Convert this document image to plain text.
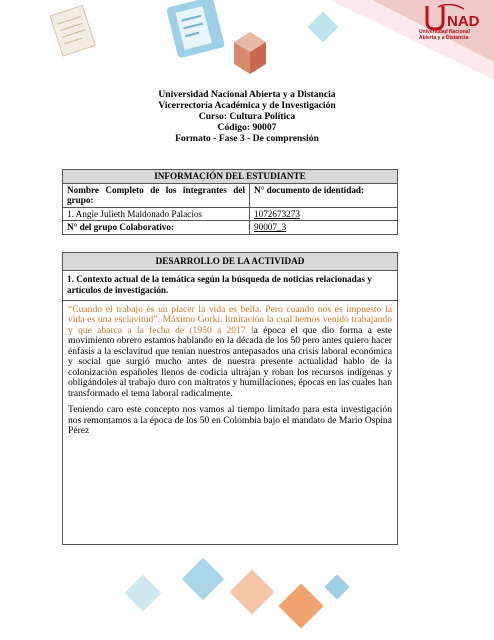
NAD
Universidad Nacional
Abierta y a Distancia
Universidad Nacional Abierta y a Distancia
Vicerrectoría Académica y de Investigación
Curso: Cultura Política
Código: 90007
Formato - Fase 3 - De comprensión
INFORMACIÓN DEL ESTUDIANTE	
Nombre Completo de los integrantes del grupo:	N° documento de identidad:
1. Angie Julieth Maldonado Palacios	1072673273
N° del grupo Colaborativo:	90007_3
DESARROLLO DE LA ACTIVIDAD
1. Contexto actual de la temática según la búsqueda de noticias relacionadas y artículos de investigación.

“Cuando el trabajo es un placer la vida es bella. Pero cuando nos es impuesto la vida es una esclavitud”. Máximo Gorki. limitación la cual hemos venido trabajando y que abarca a la fecha de (1950 a 2017 la época el que dio forma a este movimiento obrero estamos hablando en la década de los 50 pero antes quiero hacer énfasis a la esclavitud que tenían nuestros antepasados una crisis laboral económica y social que surgió mucho antes de nuestra presente actualidad hablo de la colonización españoles llenos de codicia ultrajan y roban los recursos indígenas y obligándoles al trabajo duro con maltratos y humillaciones, épocas en las cuales han transformado el tema laboral radicalmente.

Teniendo caro este concepto nos vamos al tiempo limitado para esta investigación nos remontamos a la época de los 50 en Colombia bajo el mandato de Mario Ospina Pérez
